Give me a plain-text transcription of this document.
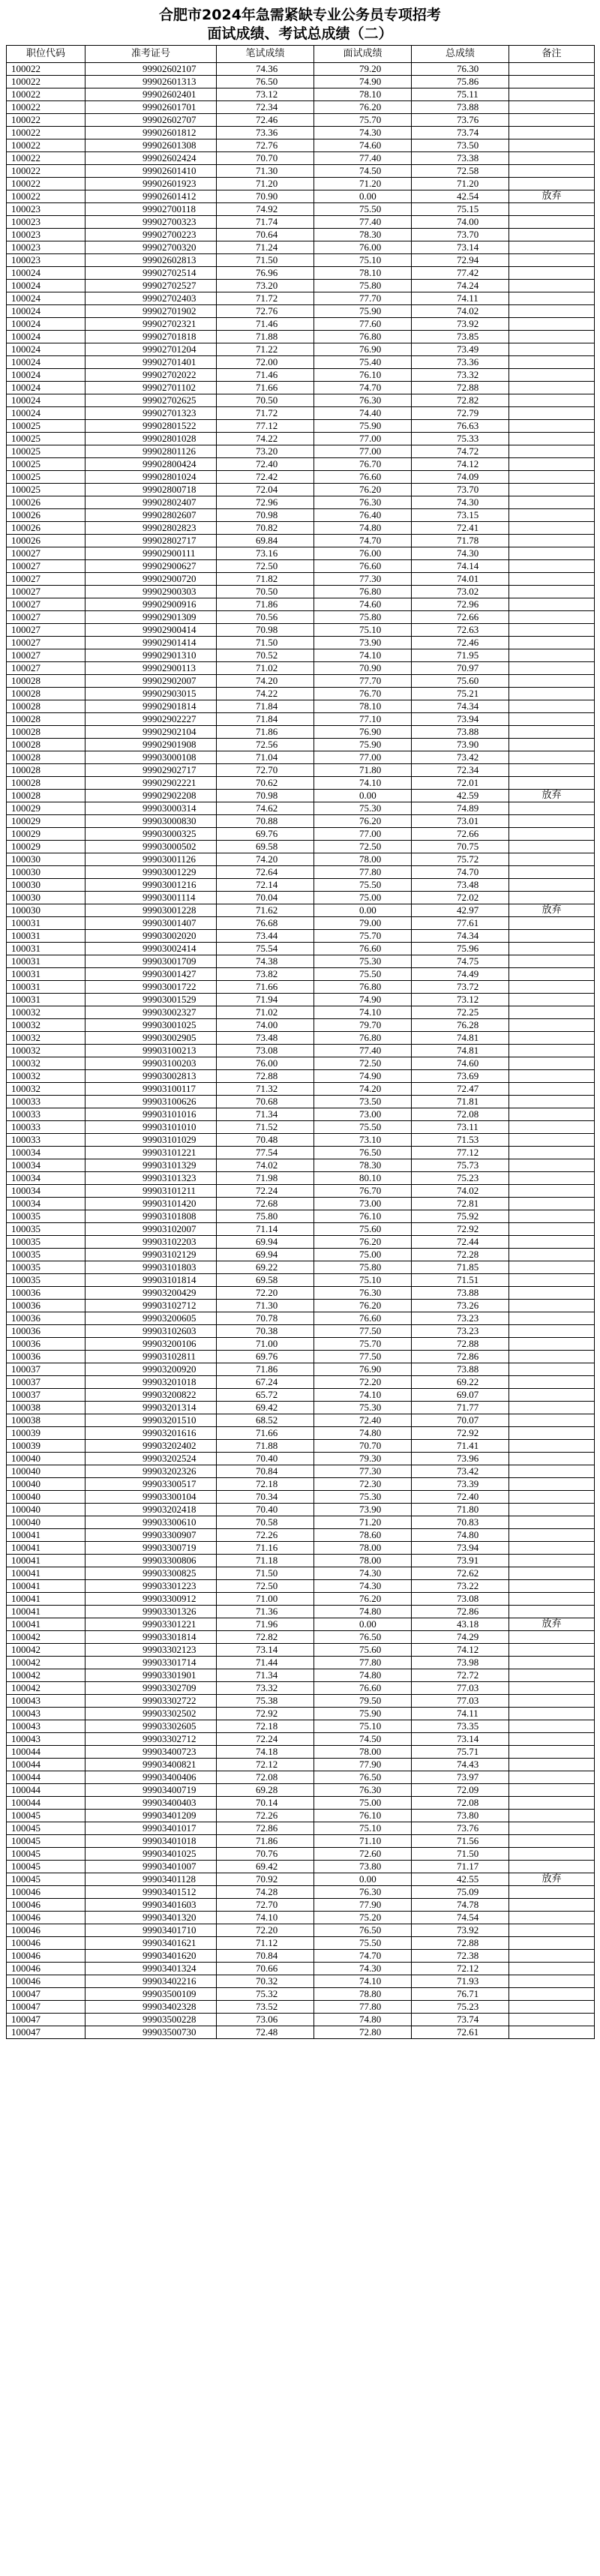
合肥市2024年急需紧缺专业公务员专项招考
面试成绩、考试总成绩（二）
职位代码	准考证号	笔试成绩	面试成绩	总成绩	备注
100022	99902602107	74.36	79.20	76.30	
100022	99902601313	76.50	74.90	75.86	
100022	99902602401	73.12	78.10	75.11	
100022	99902601701	72.34	76.20	73.88	
100022	99902602707	72.46	75.70	73.76	
100022	99902601812	73.36	74.30	73.74	
100022	99902601308	72.76	74.60	73.50	
100022	99902602424	70.70	77.40	73.38	
100022	99902601410	71.30	74.50	72.58	
100022	99902601923	71.20	71.20	71.20	
100022	99902601412	70.90	0.00	42.54	放弃
100023	99902700118	74.92	75.50	75.15	
100023	99902700323	71.74	77.40	74.00	
100023	99902700223	70.64	78.30	73.70	
100023	99902700320	71.24	76.00	73.14	
100023	99902602813	71.50	75.10	72.94	
100024	99902702514	76.96	78.10	77.42	
100024	99902702527	73.20	75.80	74.24	
100024	99902702403	71.72	77.70	74.11	
100024	99902701902	72.76	75.90	74.02	
100024	99902702321	71.46	77.60	73.92	
100024	99902701818	71.88	76.80	73.85	
100024	99902701204	71.22	76.90	73.49	
100024	99902701401	72.00	75.40	73.36	
100024	99902702022	71.46	76.10	73.32	
100024	99902701102	71.66	74.70	72.88	
100024	99902702625	70.50	76.30	72.82	
100024	99902701323	71.72	74.40	72.79	
100025	99902801522	77.12	75.90	76.63	
100025	99902801028	74.22	77.00	75.33	
100025	99902801126	73.20	77.00	74.72	
100025	99902800424	72.40	76.70	74.12	
100025	99902801024	72.42	76.60	74.09	
100025	99902800718	72.04	76.20	73.70	
100026	99902802407	72.96	76.30	74.30	
100026	99902802607	70.98	76.40	73.15	
100026	99902802823	70.82	74.80	72.41	
100026	99902802717	69.84	74.70	71.78	
100027	99902900111	73.16	76.00	74.30	
100027	99902900627	72.50	76.60	74.14	
100027	99902900720	71.82	77.30	74.01	
100027	99902900303	70.50	76.80	73.02	
100027	99902900916	71.86	74.60	72.96	
100027	99902901309	70.56	75.80	72.66	
100027	99902900414	70.98	75.10	72.63	
100027	99902901414	71.50	73.90	72.46	
100027	99902901310	70.52	74.10	71.95	
100027	99902900113	71.02	70.90	70.97	
100028	99902902007	74.20	77.70	75.60	
100028	99902903015	74.22	76.70	75.21	
100028	99902901814	71.84	78.10	74.34	
100028	99902902227	71.84	77.10	73.94	
100028	99902902104	71.86	76.90	73.88	
100028	99902901908	72.56	75.90	73.90	
100028	99903000108	71.04	77.00	73.42	
100028	99902902717	72.70	71.80	72.34	
100028	99902902221	70.62	74.10	72.01	
100028	99902902208	70.98	0.00	42.59	放弃
100029	99903000314	74.62	75.30	74.89	
100029	99903000830	70.88	76.20	73.01	
100029	99903000325	69.76	77.00	72.66	
100029	99903000502	69.58	72.50	70.75	
100030	99903001126	74.20	78.00	75.72	
100030	99903001229	72.64	77.80	74.70	
100030	99903001216	72.14	75.50	73.48	
100030	99903001114	70.04	75.00	72.02	
100030	99903001228	71.62	0.00	42.97	放弃
100031	99903001407	76.68	79.00	77.61	
100031	99903002020	73.44	75.70	74.34	
100031	99903002414	75.54	76.60	75.96	
100031	99903001709	74.38	75.30	74.75	
100031	99903001427	73.82	75.50	74.49	
100031	99903001722	71.66	76.80	73.72	
100031	99903001529	71.94	74.90	73.12	
100032	99903002327	71.02	74.10	72.25	
100032	99903001025	74.00	79.70	76.28	
100032	99903002905	73.48	76.80	74.81	
100032	99903100213	73.08	77.40	74.81	
100032	99903100203	76.00	72.50	74.60	
100032	99903002813	72.88	74.90	73.69	
100032	99903100117	71.32	74.20	72.47	
100033	99903100626	70.68	73.50	71.81	
100033	99903101016	71.34	73.00	72.08	
100033	99903101010	71.52	75.50	73.11	
100033	99903101029	70.48	73.10	71.53	
100034	99903101221	77.54	76.50	77.12	
100034	99903101329	74.02	78.30	75.73	
100034	99903101323	71.98	80.10	75.23	
100034	99903101211	72.24	76.70	74.02	
100034	99903101420	72.68	73.00	72.81	
100035	99903101808	75.80	76.10	75.92	
100035	99903102007	71.14	75.60	72.92	
100035	99903102203	69.94	76.20	72.44	
100035	99903102129	69.94	75.00	72.28	
100035	99903101803	69.22	75.80	71.85	
100035	99903101814	69.58	75.10	71.51	
100036	99903200429	72.20	76.30	73.88	
100036	99903102712	71.30	76.20	73.26	
100036	99903200605	70.78	76.60	73.23	
100036	99903102603	70.38	77.50	73.23	
100036	99903200106	71.00	75.70	72.88	
100036	99903102811	69.76	77.50	72.86	
100037	99903200920	71.86	76.90	73.88	
100037	99903201018	67.24	72.20	69.22	
100037	99903200822	65.72	74.10	69.07	
100038	99903201314	69.42	75.30	71.77	
100038	99903201510	68.52	72.40	70.07	
100039	99903201616	71.66	74.80	72.92	
100039	99903202402	71.88	70.70	71.41	
100040	99903202524	70.40	79.30	73.96	
100040	99903202326	70.84	77.30	73.42	
100040	99903300517	72.18	72.30	73.39	
100040	99903300104	70.34	75.30	72.40	
100040	99903202418	70.40	73.90	71.80	
100040	99903300610	70.58	71.20	70.83	
100041	99903300907	72.26	78.60	74.80	
100041	99903300719	71.16	78.00	73.94	
100041	99903300806	71.18	78.00	73.91	
100041	99903300825	71.50	74.30	72.62	
100041	99903301223	72.50	74.30	73.22	
100041	99903300912	71.00	76.20	73.08	
100041	99903301326	71.36	74.80	72.86	
100041	99903301221	71.96	0.00	43.18	放弃
100042	99903301814	72.82	76.50	74.29	
100042	99903302123	73.14	75.60	74.12	
100042	99903301714	71.44	77.80	73.98	
100042	99903301901	71.34	74.80	72.72	
100042	99903302709	73.32	76.60	77.03	
100043	99903302722	75.38	79.50	77.03	
100043	99903302502	72.92	75.90	74.11	
100043	99903302605	72.18	75.10	73.35	
100043	99903302712	72.24	74.50	73.14	
100044	99903400723	74.18	78.00	75.71	
100044	99903400821	72.12	77.90	74.43	
100044	99903400406	72.08	76.50	73.97	
100044	99903400719	69.28	76.30	72.09	
100044	99903400403	70.14	75.00	72.08	
100045	99903401209	72.26	76.10	73.80	
100045	99903401017	72.86	75.10	73.76	
100045	99903401018	71.86	71.10	71.56	
100045	99903401025	70.76	72.60	71.50	
100045	99903401007	69.42	73.80	71.17	
100045	99903401128	70.92	0.00	42.55	放弃
100046	99903401512	74.28	76.30	75.09	
100046	99903401603	72.70	77.90	74.78	
100046	99903401320	74.10	75.20	74.54	
100046	99903401710	72.20	76.50	73.92	
100046	99903401621	71.12	75.50	72.88	
100046	99903401620	70.84	74.70	72.38	
100046	99903401324	70.66	74.30	72.12	
100046	99903402216	70.32	74.10	71.93	
100047	99903500109	75.32	78.80	76.71	
100047	99903402328	73.52	77.80	75.23	
100047	99903500228	73.06	74.80	73.74	
100047	99903500730	72.48	72.80	72.61	
